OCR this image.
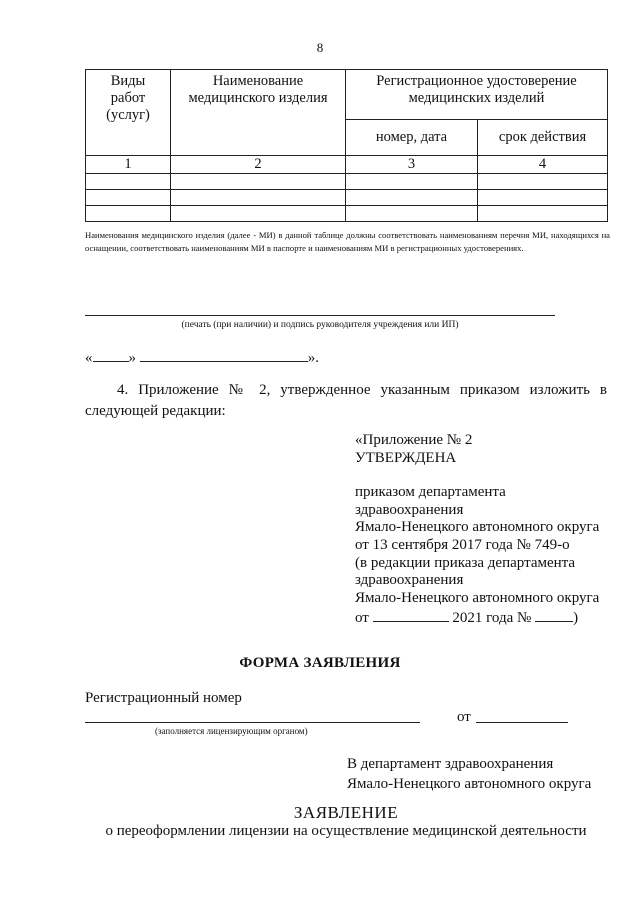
8
Виды работ (услуг)	Наименование медицинского изделия	Регистрационное удостоверение медицинских изделий	

		номер, дата	срок действия
1	2	3	4

Наименования медицинского изделия (далее - МИ) в данной таблице должны соответствовать наименованиям перечня МИ, находящихся на оснащении, соответствовать наименованиям МИ в паспорте и наименованиям МИ в регистрационных удостоверениях.
(печать (при наличии) и подпись руководителя учреждения или ИП)
« »	».
4. Приложение № 2, утвержденное указанным приказом изложить в следующей редакции:
«Приложение № 2
УТВЕРЖДЕНА
приказом департамента
здравоохранения
Ямало-Ненецкого автономного округа
от 13 сентября 2017 года № 749-о
(в редакции приказа департамента
здравоохранения
Ямало-Ненецкого автономного округа
от	2021 года №	)
ФОРМА ЗАЯВЛЕНИЯ
Регистрационный номер
от
(заполняется лицензирующим органом)
В департамент здравоохранения
Ямало-Ненецкого автономного округа
ЗАЯВЛЕНИЕ
о переоформлении лицензии на осуществление медицинской деятельности
